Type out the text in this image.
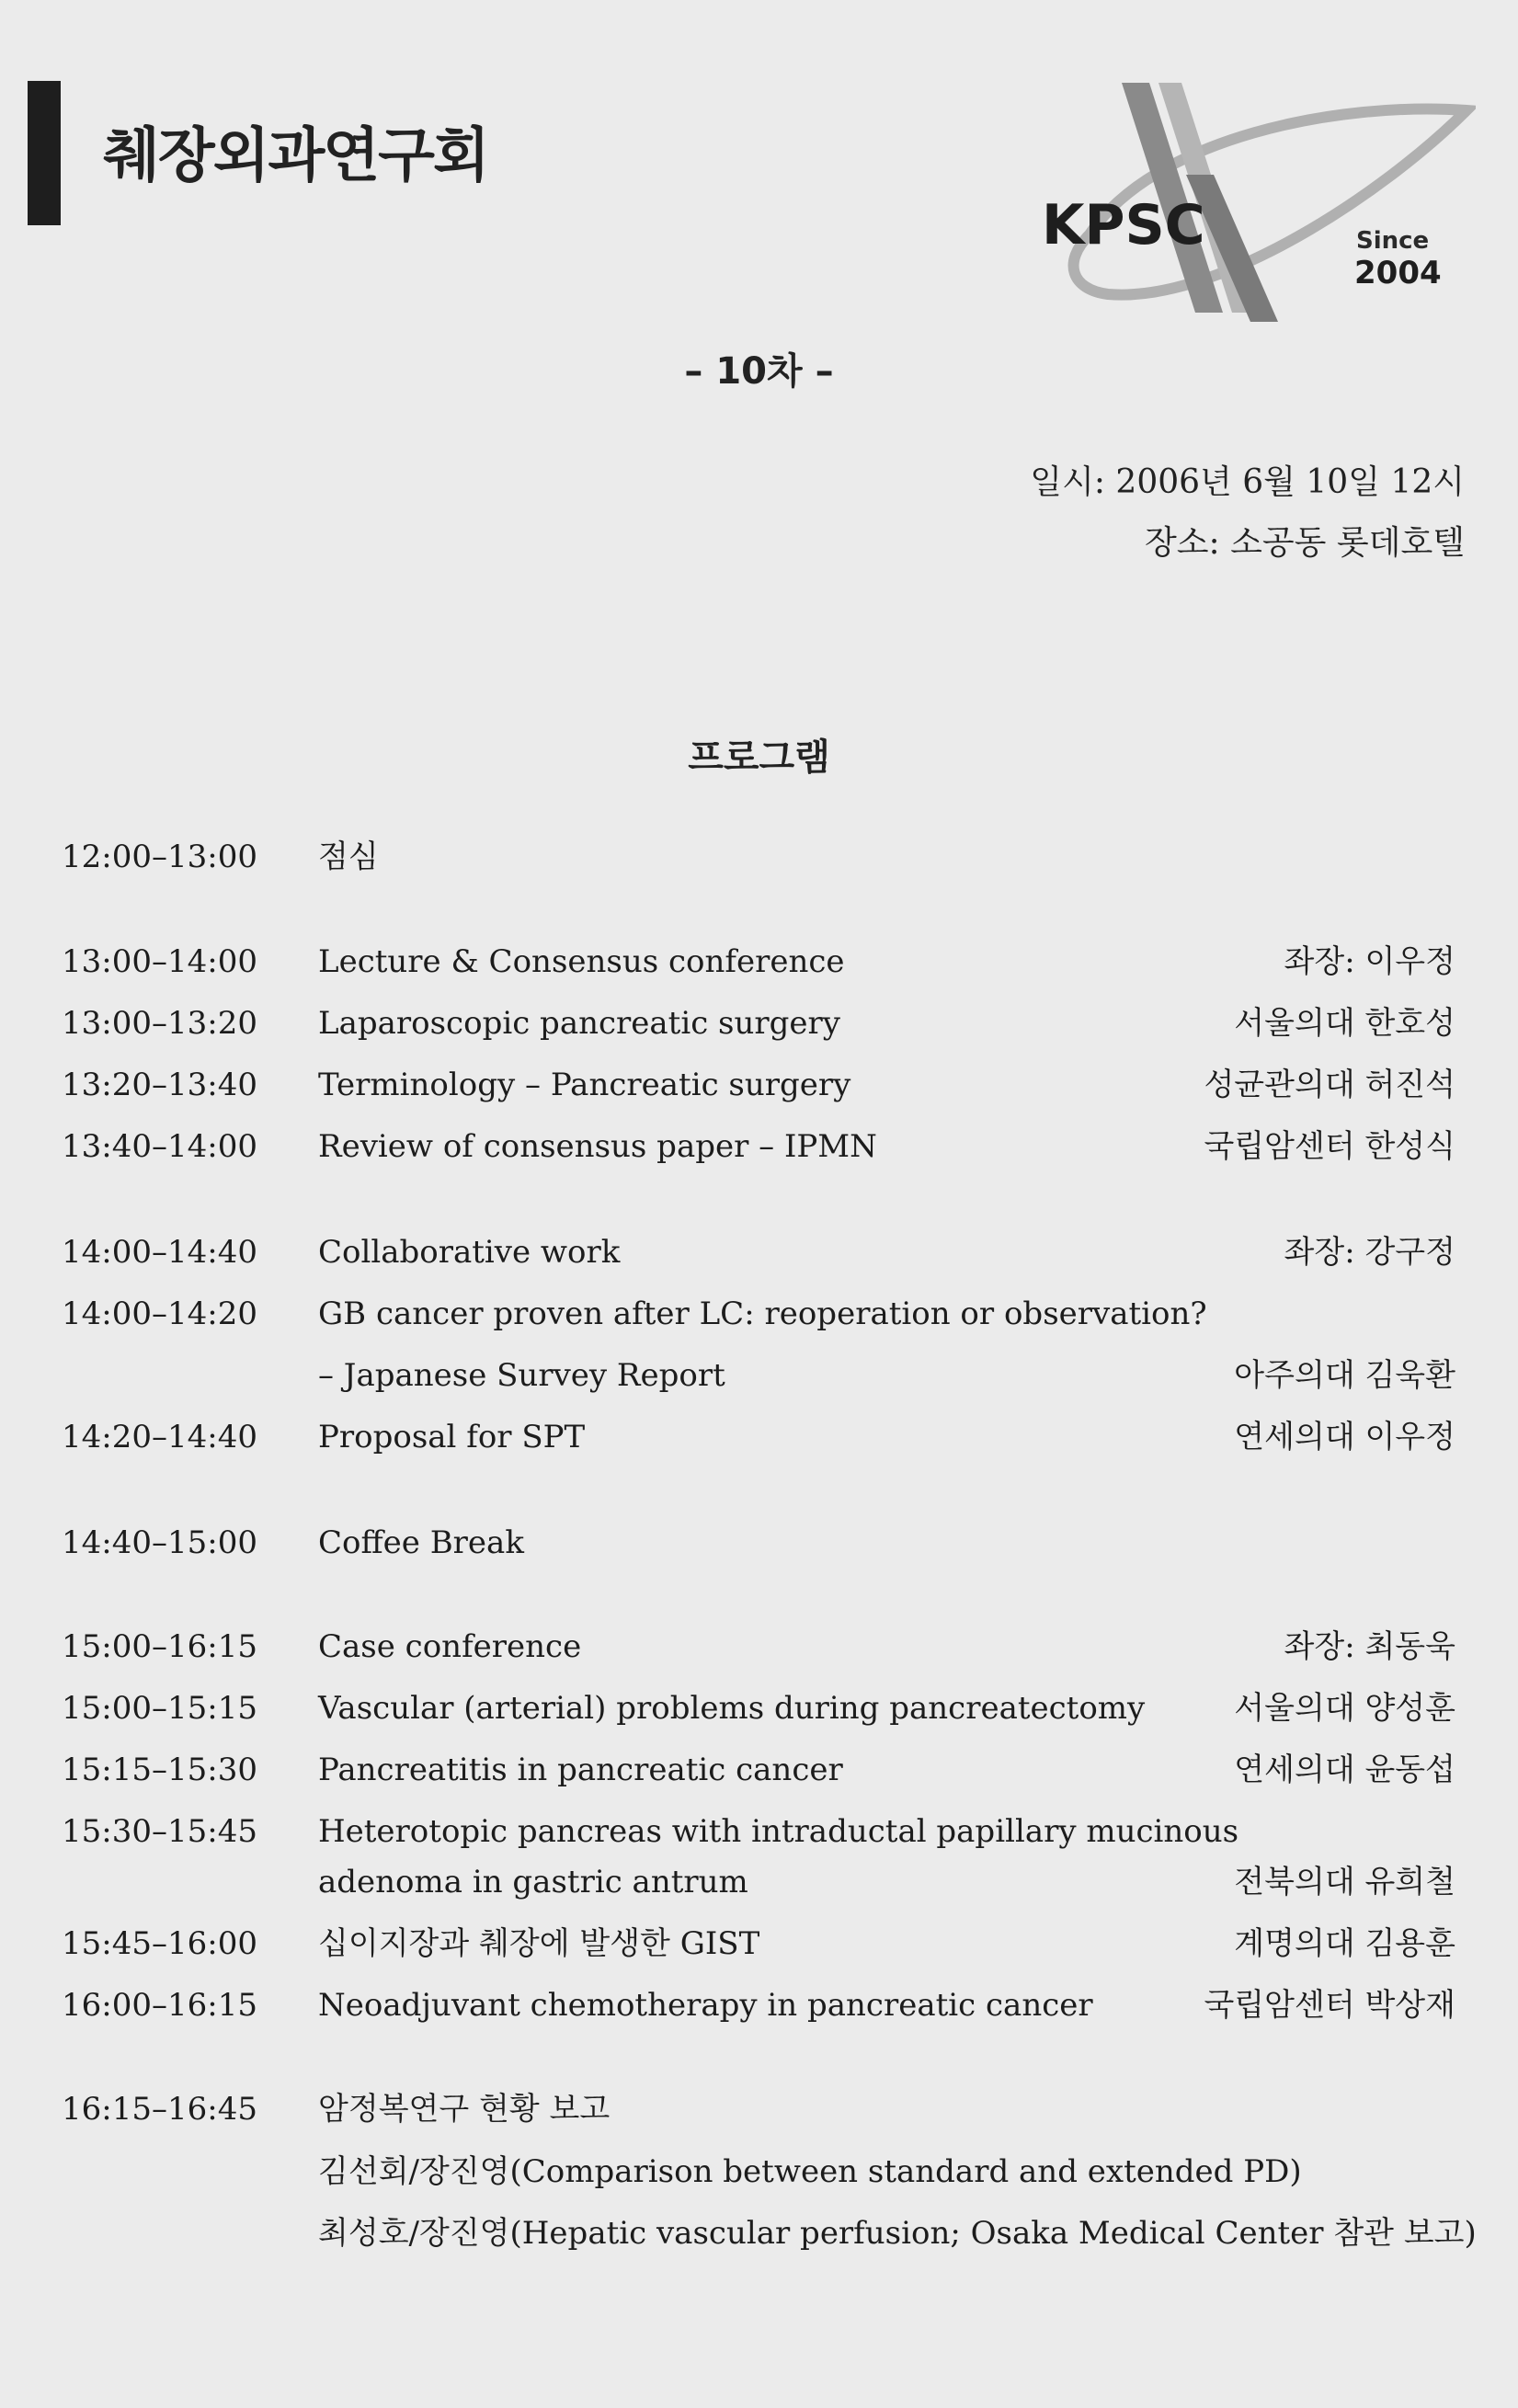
췌장외과연구회
KPSC	Since
2004
– 10차 –
일시: 2006년 6월 10일 12시
장소: 소공동 롯데호텔
프로그램
12:00–13:00 점심
13:00–14:00 Lecture & Consensus conference	좌장: 이우정
13:00–13:20 Laparoscopic pancreatic surgery	서울의대 한호성
13:20–13:40 Terminology – Pancreatic surgery	성균관의대 허진석
13:40–14:00 Review of consensus paper – IPMN	국립암센터 한성식
14:00–14:40 Collaborative work	좌장: 강구정
14:00–14:20 GB cancer proven after LC: reoperation or observation?
– Japanese Survey Report	아주의대 김욱환
14:20–14:40 Proposal for SPT	연세의대 이우정
14:40–15:00 Coffee Break
15:00–16:15 Case conference	좌장: 최동욱
15:00–15:15 Vascular (arterial) problems during pancreatectomy	서울의대 양성훈
15:15–15:30 Pancreatitis in pancreatic cancer	연세의대 윤동섭
15:30–15:45 Heterotopic pancreas with intraductal papillary mucinous
adenoma in gastric antrum	전북의대 유희철
15:45–16:00 십이지장과 췌장에 발생한 GIST	계명의대 김용훈
16:00–16:15 Neoadjuvant chemotherapy in pancreatic cancer	국립암센터 박상재
16:15–16:45 암정복연구 현황 보고
김선회/장진영(Comparison between standard and extended PD)
최성호/장진영(Hepatic vascular perfusion; Osaka Medical Center 참관 보고)
